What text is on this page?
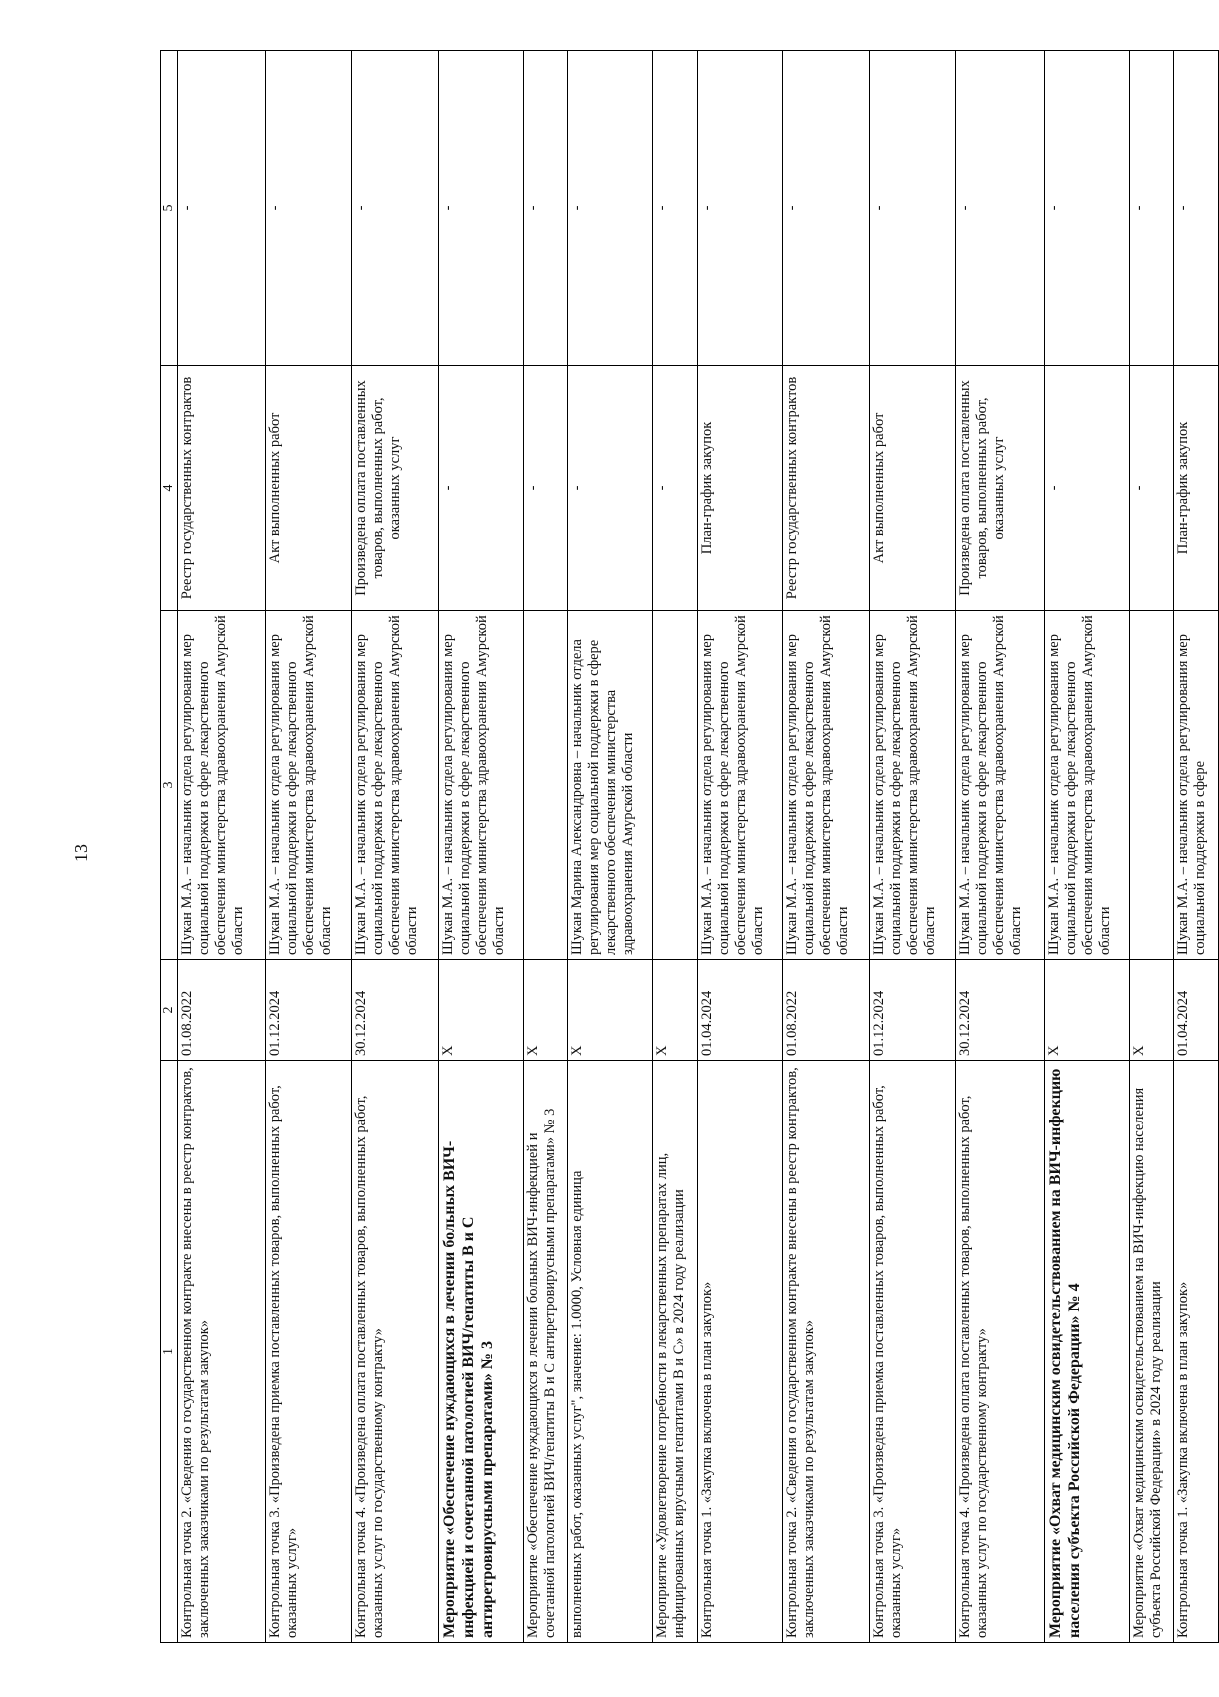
13
1	2	3	4	5
Контрольная точка 2. «Сведения о государственном контракте внесены в реестр контрактов, заключенных заказчиками по результатам закупок»	01.08.2022	Шукан М.А. – начальник отдела регулирования мер социальной поддержки в сфере лекарственного обеспечения министерства здравоохранения Амурской области	Реестр государственных контрактов	-
Контрольная точка 3. «Произведена приемка поставленных товаров, выполненных работ, оказанных услуг»	01.12.2024	Шукан М.А. – начальник отдела регулирования мер социальной поддержки в сфере лекарственного обеспечения министерства здравоохранения Амурской области	Акт выполненных работ	-
Контрольная точка 4. «Произведена оплата поставленных товаров, выполненных работ, оказанных услуг по государственному контракту»	30.12.2024	Шукан М.А. – начальник отдела регулирования мер социальной поддержки в сфере лекарственного обеспечения министерства здравоохранения Амурской области	Произведена оплата поставленных товаров, выполненных работ, оказанных услуг	-
Мероприятие «Обеспечение нуждающихся в лечении больных ВИЧ-инфекцией и сочетанной патологией ВИЧ/гепатиты В и С антиретровирусными препаратами» № 3	Х	Шукан М.А. – начальник отдела регулирования мер социальной поддержки в сфере лекарственного обеспечения министерства здравоохранения Амурской области	-	-
Мероприятие «Обеспечение нуждающихся в лечении больных ВИЧ-инфекцией и сочетанной патологией ВИЧ/гепатиты В и С антиретровирусными препаратами» № 3	Х		-	-
выполненных работ, оказанных услуг", значение: 1.0000, Условная единица	Х	Шукан Марина Александровна – начальник отдела регулирования мер социальной поддержки в сфере лекарственного обеспечения министерства здравоохранения Амурской области	-	-
Мероприятие «Удовлетворение потребности в лекарственных препаратах лиц, инфицированных вирусными гепатитами В и С» в 2024 году реализации	Х		-	-
Контрольная точка 1. «Закупка включена в план закупок»	01.04.2024	Шукан М.А. – начальник отдела регулирования мер социальной поддержки в сфере лекарственного обеспечения министерства здравоохранения Амурской области	План-график закупок	-
Контрольная точка 2. «Сведения о государственном контракте внесены в реестр контрактов, заключенных заказчиками по результатам закупок»	01.08.2022	Шукан М.А. – начальник отдела регулирования мер социальной поддержки в сфере лекарственного обеспечения министерства здравоохранения Амурской области	Реестр государственных контрактов	-
Контрольная точка 3. «Произведена приемка поставленных товаров, выполненных работ, оказанных услуг»	01.12.2024	Шукан М.А. – начальник отдела регулирования мер социальной поддержки в сфере лекарственного обеспечения министерства здравоохранения Амурской области	Акт выполненных работ	-
Контрольная точка 4. «Произведена оплата поставленных товаров, выполненных работ, оказанных услуг по государственному контракту»	30.12.2024	Шукан М.А. – начальник отдела регулирования мер социальной поддержки в сфере лекарственного обеспечения министерства здравоохранения Амурской области	Произведена оплата поставленных товаров, выполненных работ, оказанных услуг	-
Мероприятие «Охват медицинским освидетельствованием на ВИЧ-инфекцию населения субъекта Российской Федерации» № 4	Х	Шукан М.А. – начальник отдела регулирования мер социальной поддержки в сфере лекарственного обеспечения министерства здравоохранения Амурской области	-	-
Мероприятие «Охват медицинским освидетельствованием на ВИЧ-инфекцию населения субъекта Российской Федерации» в 2024 году реализации	Х		-	-
Контрольная точка 1. «Закупка включена в план закупок»	01.04.2024	Шукан М.А. – начальник отдела регулирования мер социальной поддержки в сфере	План-график закупок	-
